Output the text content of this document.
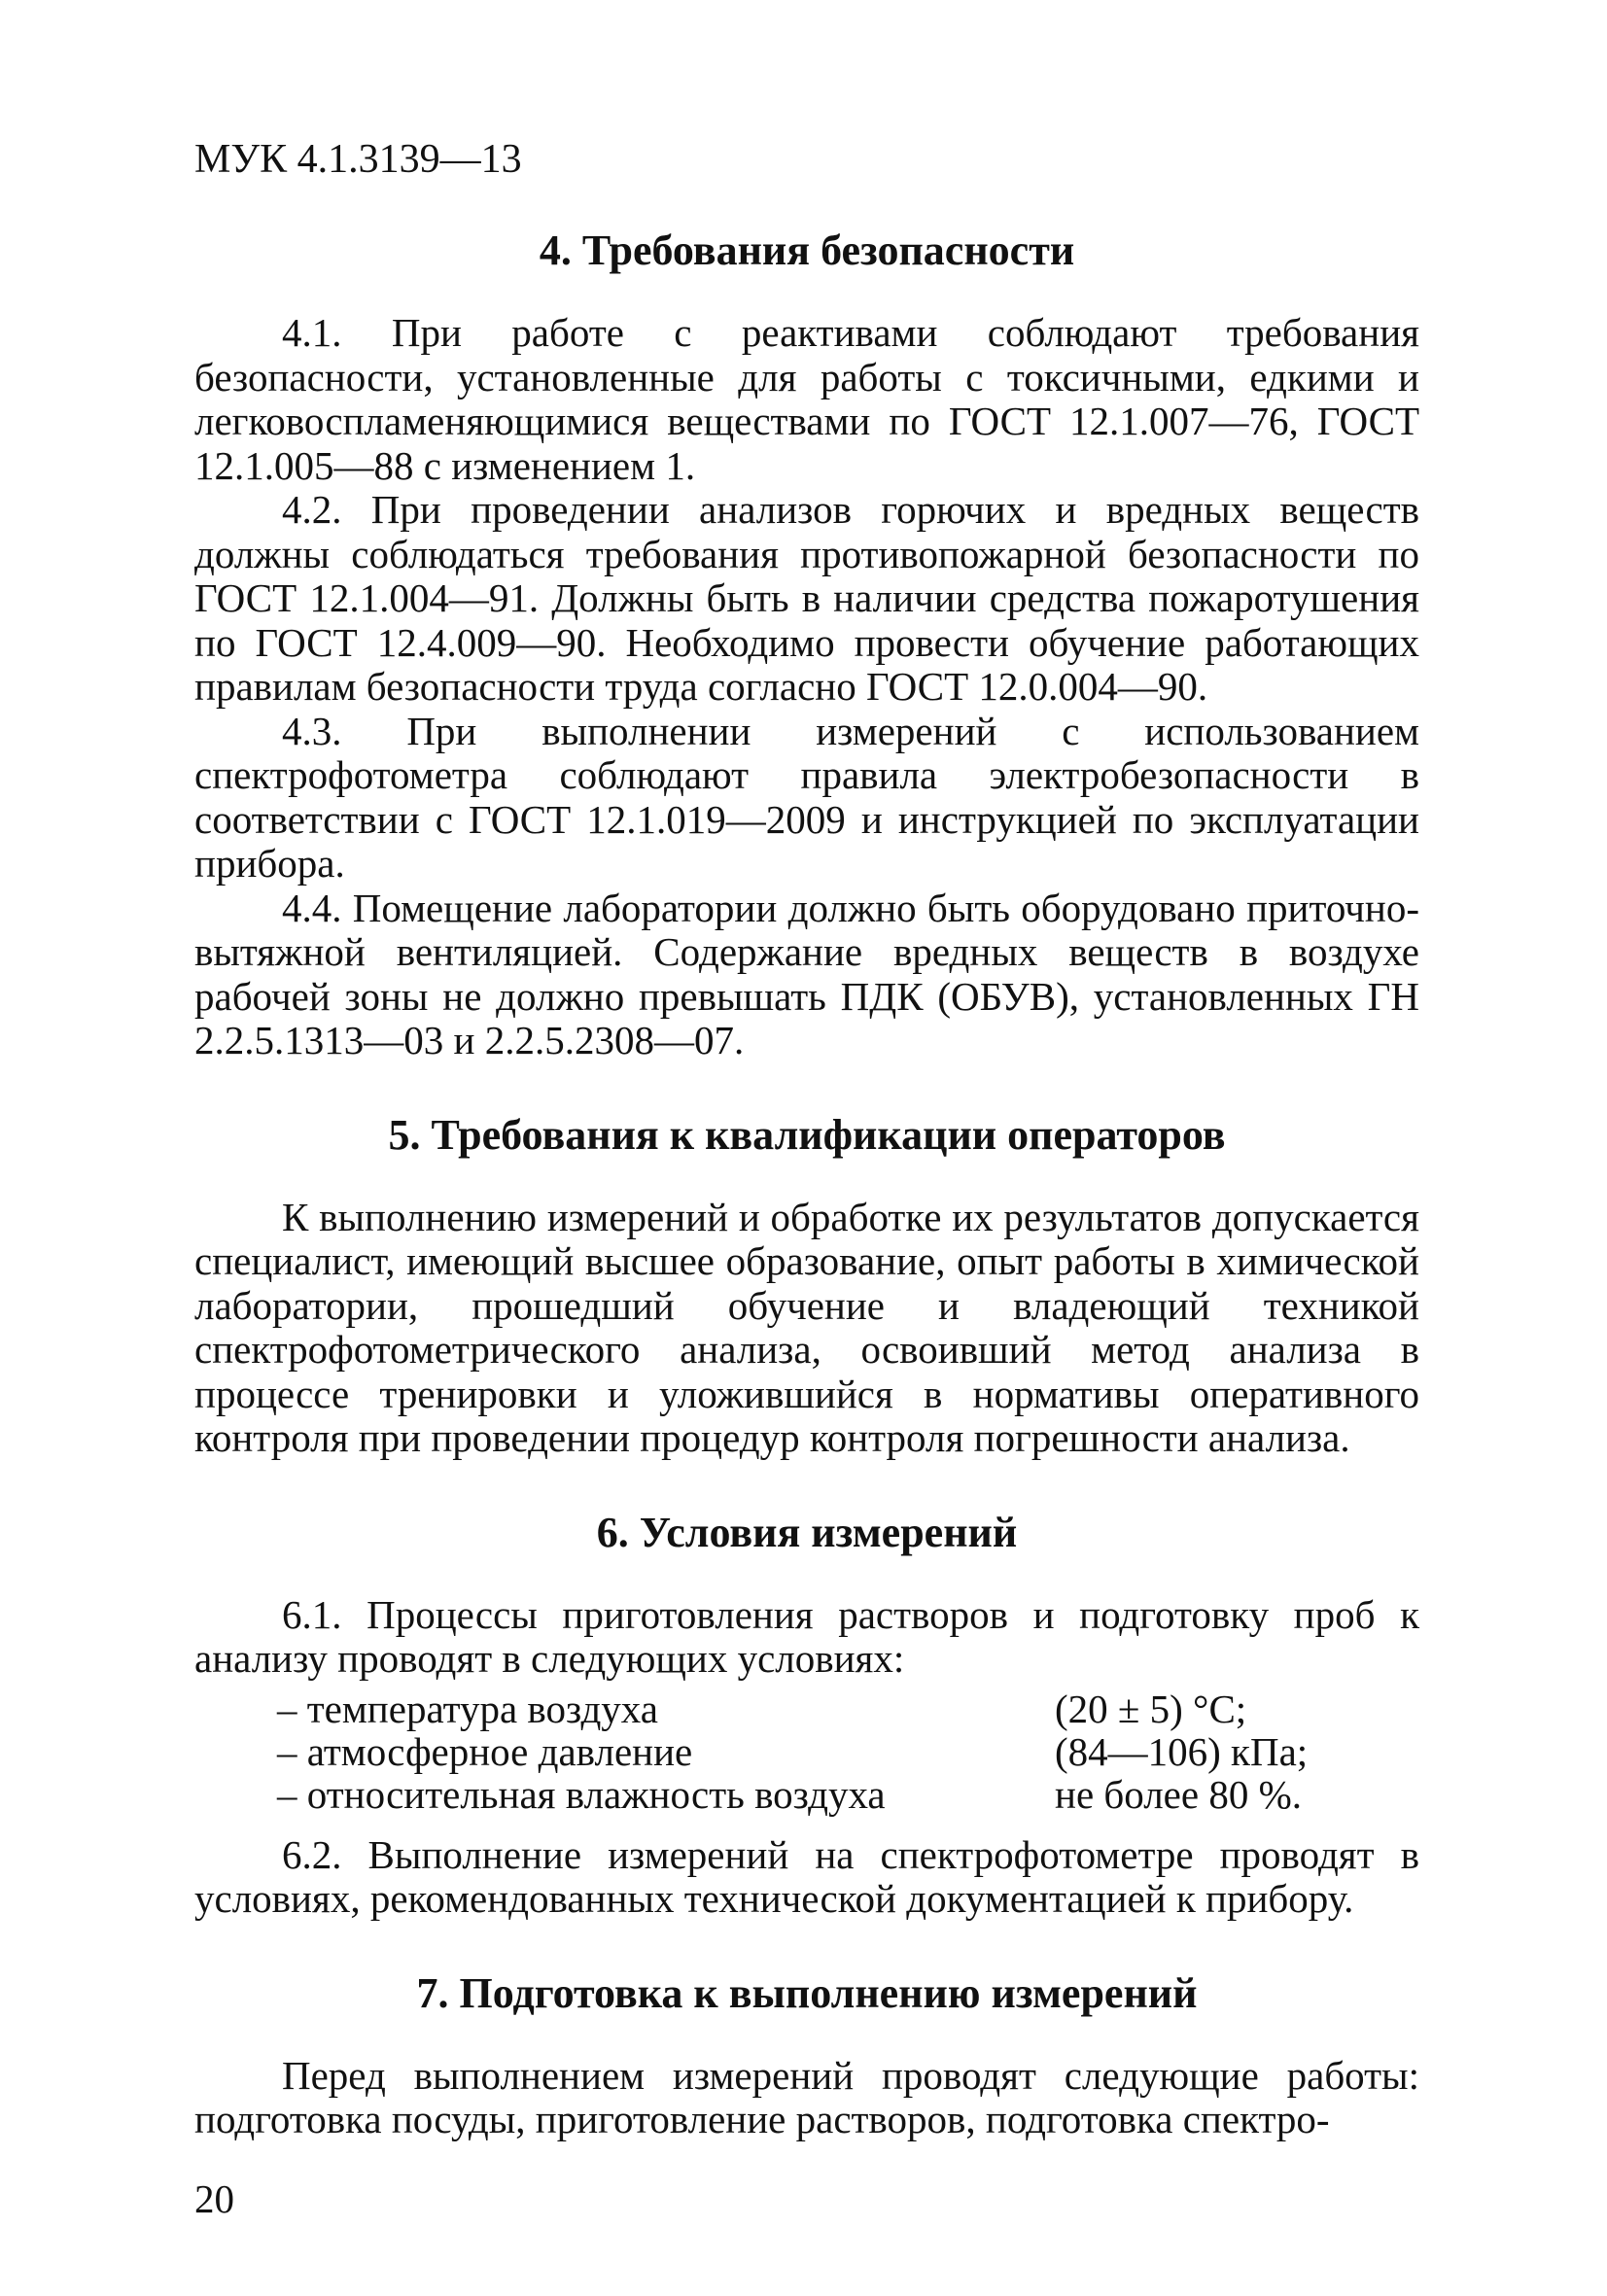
МУК 4.1.3139—13
4. Требования безопасности

4.1. При работе с реактивами соблюдают требования безопасности, установленные для работы с токсичными, едкими и легковоспламеняющимися веществами по ГОСТ 12.1.007—76, ГОСТ 12.1.005—88 с изменением 1.

4.2. При проведении анализов горючих и вредных веществ должны соблюдаться требования противопожарной безопасности по ГОСТ 12.1.004—91. Должны быть в наличии средства пожаротушения по ГОСТ 12.4.009—90. Необходимо провести обучение работающих правилам безопасности труда согласно ГОСТ 12.0.004—90.

4.3. При выполнении измерений с использованием спектрофотометра соблюдают правила электробезопасности в соответствии с ГОСТ 12.1.019—2009 и инструкцией по эксплуатации прибора.

4.4. Помещение лаборатории должно быть оборудовано приточно-вытяжной вентиляцией. Содержание вредных веществ в воздухе рабочей зоны не должно превышать ПДК (ОБУВ), установленных ГН 2.2.5.1313—03 и 2.2.5.2308—07.

5. Требования к квалификации операторов

К выполнению измерений и обработке их результатов допускается специалист, имеющий высшее образование, опыт работы в химической лаборатории, прошедший обучение и владеющий техникой спектрофотометрического анализа, освоивший метод анализа в процессе тренировки и уложившийся в нормативы оперативного контроля при проведении процедур контроля погрешности анализа.

6. Условия измерений

6.1. Процессы приготовления растворов и подготовку проб к анализу проводят в следующих условиях:

– температура воздуха	(20 ± 5) °С;
– атмосферное давление	(84—106) кПа;
– относительная влажность воздуха	не более 80 %.

6.2. Выполнение измерений на спектрофотометре проводят в условиях, рекомендованных технической документацией к прибору.

7. Подготовка к выполнению измерений

Перед выполнением измерений проводят следующие работы: подготовка посуды, приготовление растворов, подготовка спектро-

20
